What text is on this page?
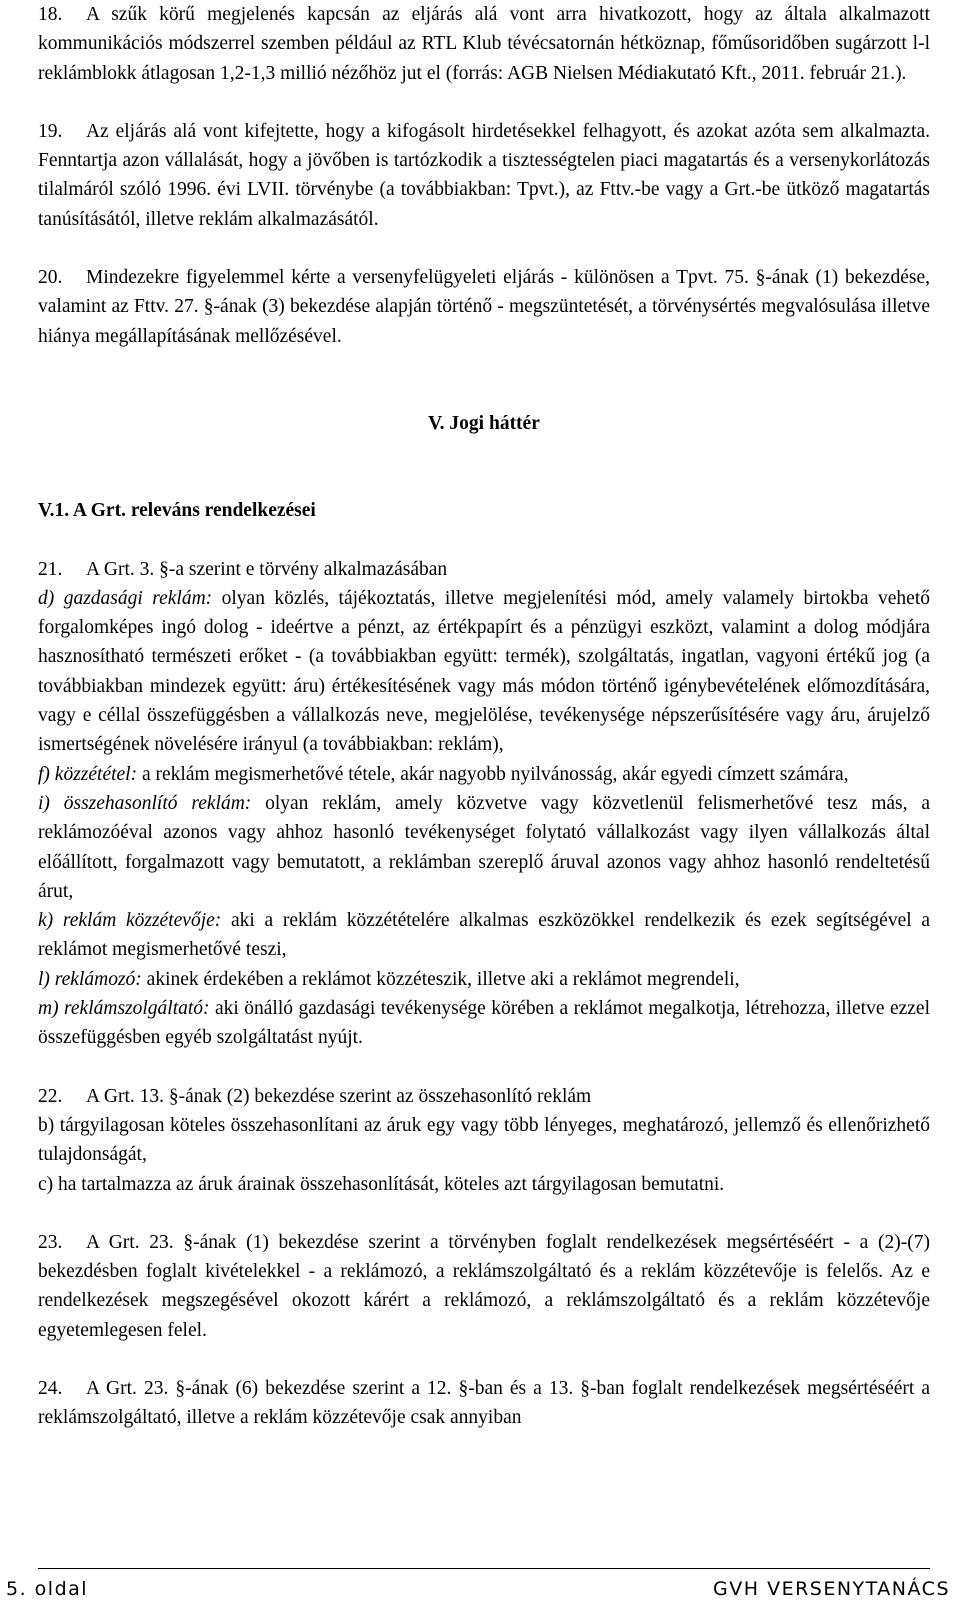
18. A szűk körű megjelenés kapcsán az eljárás alá vont arra hivatkozott, hogy az általa alkalmazott kommunikációs módszerrel szemben például az RTL Klub tévécsatornán hétköznap, főműsoridőben sugárzott l-l reklámblokk átlagosan 1,2-1,3 millió nézőhöz jut el (forrás: AGB Nielsen Médiakutató Kft., 2011. február 21.).

19. Az eljárás alá vont kifejtette, hogy a kifogásolt hirdetésekkel felhagyott, és azokat azóta sem alkalmazta. Fenntartja azon vállalását, hogy a jövőben is tartózkodik a tisztességtelen piaci magatartás és a versenykorlátozás tilalmáról szóló 1996. évi LVII. törvénybe (a továbbiakban: Tpvt.), az Fttv.-be vagy a Grt.-be ütköző magatartás tanúsításától, illetve reklám alkalmazásától.

20. Mindezekre figyelemmel kérte a versenyfelügyeleti eljárás - különösen a Tpvt. 75. §-ának (1) bekezdése, valamint az Fttv. 27. §-ának (3) bekezdése alapján történő - megszüntetését, a törvénysértés megvalósulása illetve hiánya megállapításának mellőzésével.

V. Jogi háttér

V.1. A Grt. releváns rendelkezései

21. A Grt. 3. §-a szerint e törvény alkalmazásában

d) gazdasági reklám: olyan közlés, tájékoztatás, illetve megjelenítési mód, amely valamely birtokba vehető forgalomképes ingó dolog - ideértve a pénzt, az értékpapírt és a pénzügyi eszközt, valamint a dolog módjára hasznosítható természeti erőket - (a továbbiakban együtt: termék), szolgáltatás, ingatlan, vagyoni értékű jog (a továbbiakban mindezek együtt: áru) értékesítésének vagy más módon történő igénybevételének előmozdítására, vagy e céllal összefüggésben a vállalkozás neve, megjelölése, tevékenysége népszerűsítésére vagy áru, árujelző ismertségének növelésére irányul (a továbbiakban: reklám),

f) közzététel: a reklám megismerhetővé tétele, akár nagyobb nyilvánosság, akár egyedi címzett számára,

i) összehasonlító reklám: olyan reklám, amely közvetve vagy közvetlenül felismerhetővé tesz más, a reklámozóéval azonos vagy ahhoz hasonló tevékenységet folytató vállalkozást vagy ilyen vállalkozás által előállított, forgalmazott vagy bemutatott, a reklámban szereplő áruval azonos vagy ahhoz hasonló rendeltetésű árut,

k) reklám közzétevője: aki a reklám közzétételére alkalmas eszközökkel rendelkezik és ezek segítségével a reklámot megismerhetővé teszi,

l) reklámozó: akinek érdekében a reklámot közzéteszik, illetve aki a reklámot megrendeli,

m) reklámszolgáltató: aki önálló gazdasági tevékenysége körében a reklámot megalkotja, létrehozza, illetve ezzel összefüggésben egyéb szolgáltatást nyújt.

22. A Grt. 13. §-ának (2) bekezdése szerint az összehasonlító reklám

b) tárgyilagosan köteles összehasonlítani az áruk egy vagy több lényeges, meghatározó, jellemző és ellenőrizhető tulajdonságát,

c) ha tartalmazza az áruk árainak összehasonlítását, köteles azt tárgyilagosan bemutatni.

23. A Grt. 23. §-ának (1) bekezdése szerint a törvényben foglalt rendelkezések megsértéséért - a (2)-(7) bekezdésben foglalt kivételekkel - a reklámozó, a reklámszolgáltató és a reklám közzétevője is felelős. Az e rendelkezések megszegésével okozott kárért a reklámozó, a reklámszolgáltató és a reklám közzétevője egyetemlegesen felel.

24. A Grt. 23. §-ának (6) bekezdése szerint a 12. §-ban és a 13. §-ban foglalt rendelkezések megsértéséért a reklámszolgáltató, illetve a reklám közzétevője csak annyiban

5. oldal	GVH VERSENYTANÁCS
